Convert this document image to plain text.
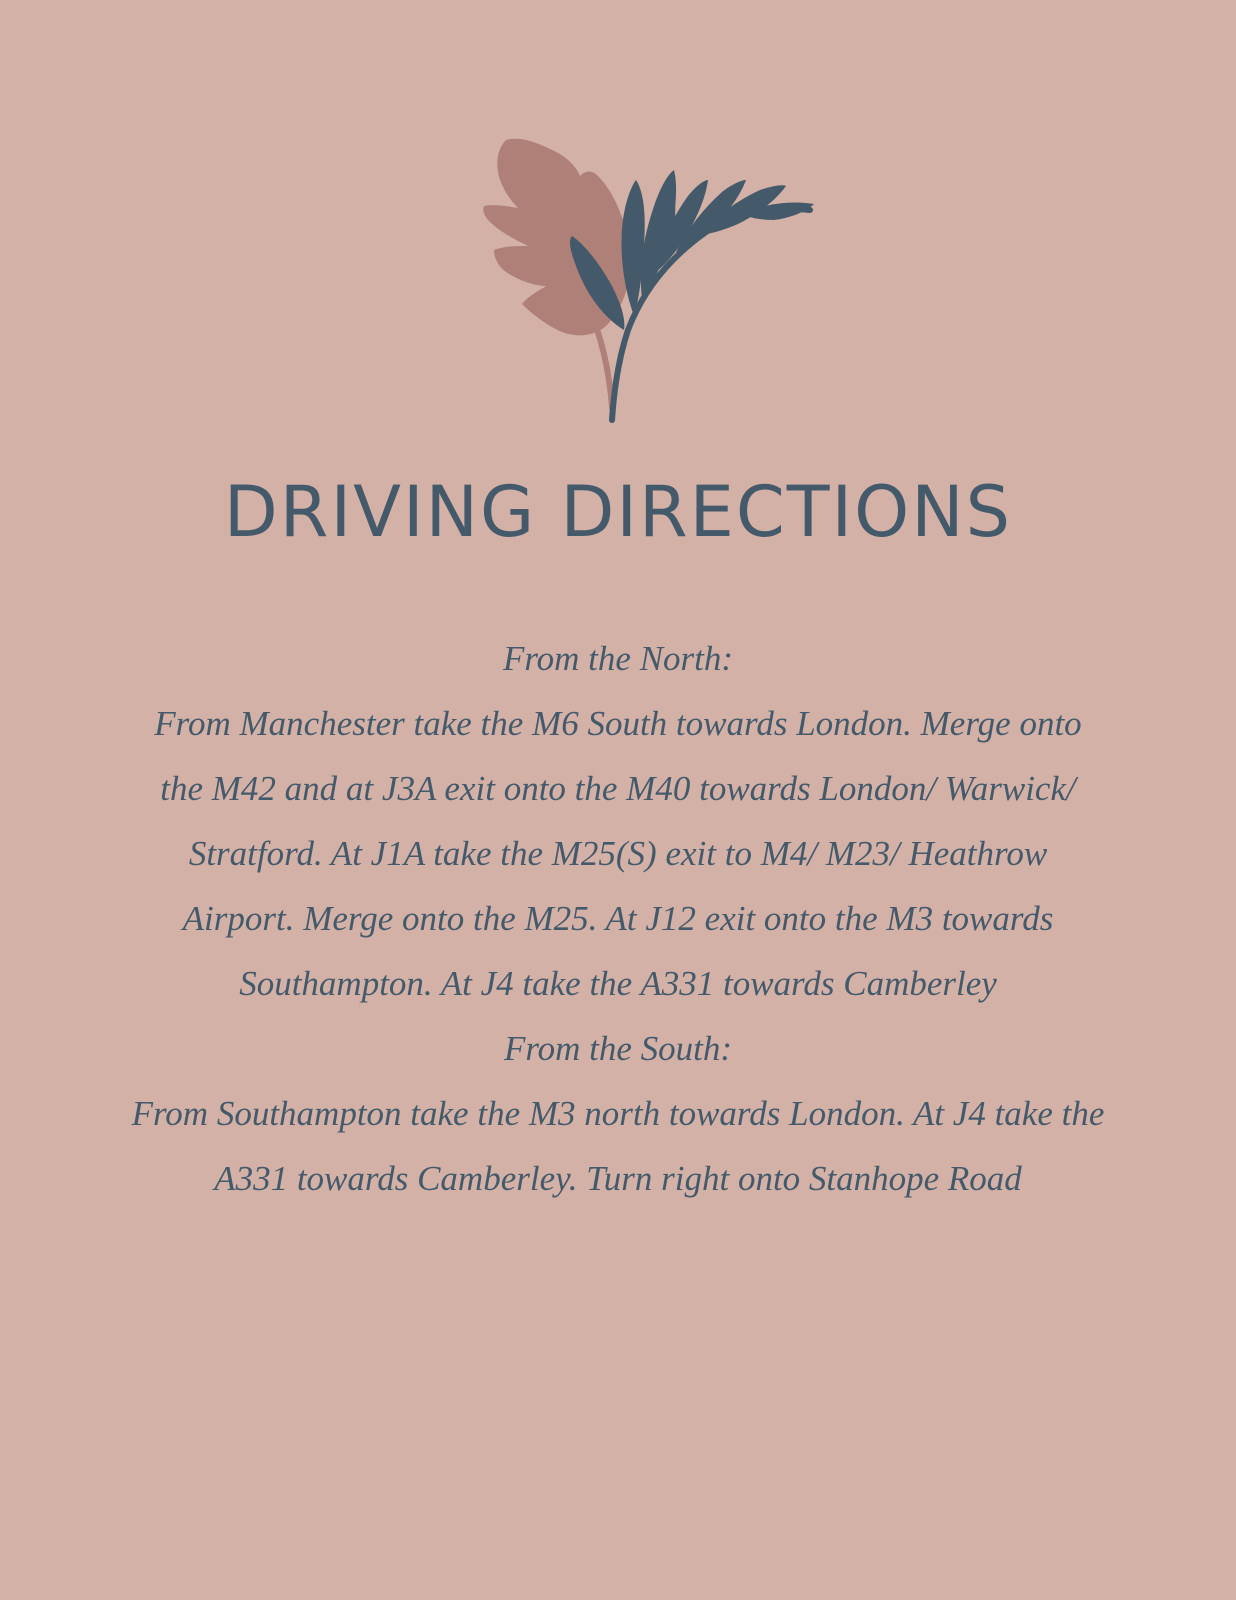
DRIVING DIRECTIONS

From the North:

From Manchester take the M6 South towards London. Merge onto the M42 and at J3A exit onto the M40 towards London/ Warwick/ Stratford. At J1A take the M25(S) exit to M4/ M23/ Heathrow Airport. Merge onto the M25. At J12 exit onto the M3 towards Southampton. At J4 take the A331 towards Camberley

From the South:

From Southampton take the M3 north towards London. At J4 take the A331 towards Camberley. Turn right onto Stanhope Road
